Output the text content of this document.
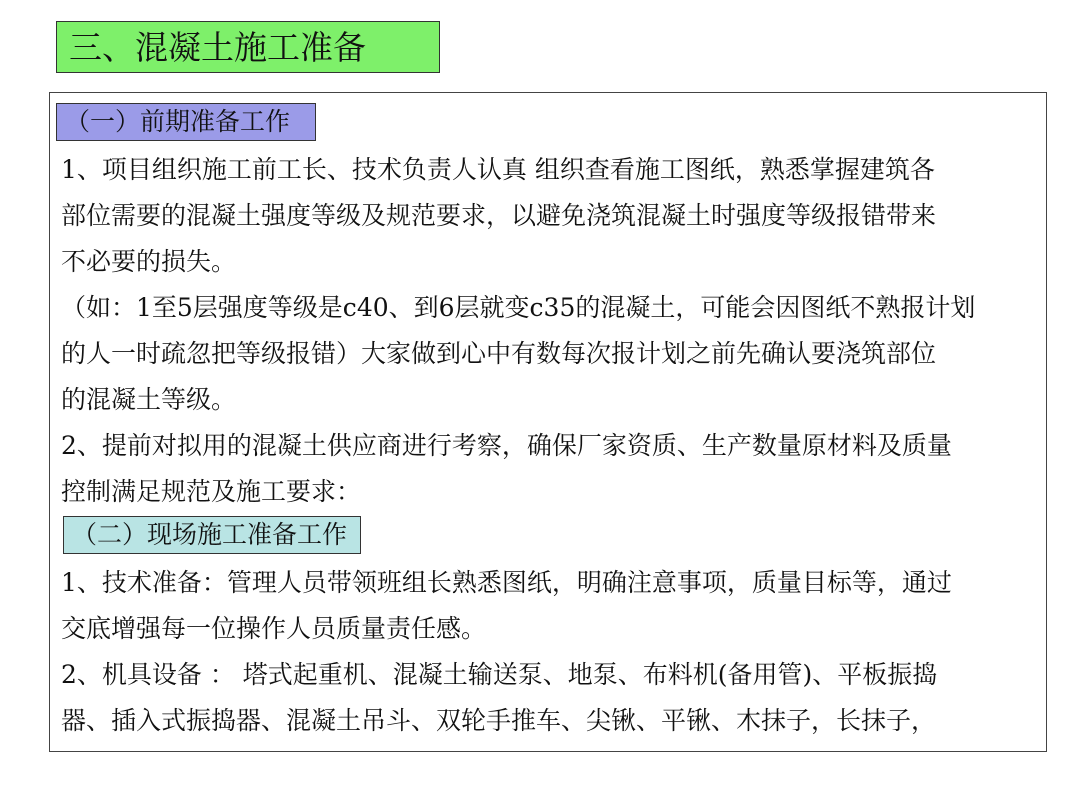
三、混凝土施工准备
（一）前期准备工作
1、项目组织施工前工长、技术负责人认真 组织查看施工图纸，熟悉掌握建筑各
部位需要的混凝土强度等级及规范要求，以避免浇筑混凝土时强度等级报错带来
不必要的损失。
（如：1至5层强度等级是c40、到6层就变c35的混凝土，可能会因图纸不熟报计划
的人一时疏忽把等级报错）大家做到心中有数每次报计划之前先确认要浇筑部位
的混凝土等级。
2、提前对拟用的混凝土供应商进行考察，确保厂家资质、生产数量原材料及质量
控制满足规范及施工要求：
（二）现场施工准备工作
1、技术准备：管理人员带领班组长熟悉图纸，明确注意事项，质量目标等，通过
交底增强每一位操作人员质量责任感。
2、机具设备 ： 塔式起重机、混凝土输送泵、地泵、布料机(备用管)、平板振捣
器、插入式振捣器、混凝土吊斗、双轮手推车、尖锹、平锹、木抹子，长抹子，
